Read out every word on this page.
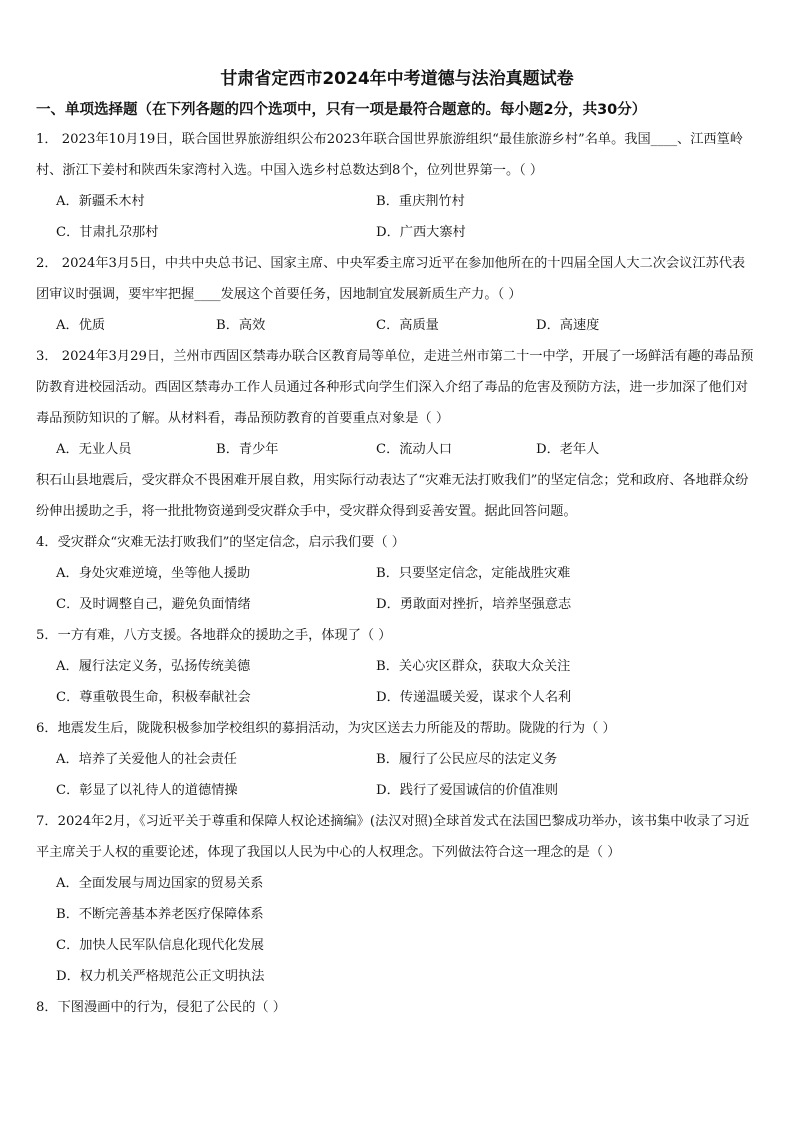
甘肃省定西市2024年中考道德与法治真题试卷

一、单项选择题（在下列各题的四个选项中，只有一项是最符合题意的。每小题2分，共30分）

1． 2023年10月19日，联合国世界旅游组织公布2023年联合国世界旅游组织“最佳旅游乡村”名单。我国____、江西篁岭村、浙江下姜村和陕西朱家湾村入选。中国入选乡村总数达到8个，位列世界第一。（ ）

A．新疆禾木村	B．重庆荆竹村
C．甘肃扎尕那村	D．广西大寨村

2． 2024年3月5日，中共中央总书记、国家主席、中央军委主席习近平在参加他所在的十四届全国人大二次会议江苏代表团审议时强调，要牢牢把握____发展这个首要任务，因地制宜发展新质生产力。（ ）

A．优质	B．高效	C．高质量	D．高速度

3． 2024年3月29日，兰州市西固区禁毒办联合区教育局等单位，走进兰州市第二十一中学，开展了一场鲜活有趣的毒品预防教育进校园活动。西固区禁毒办工作人员通过各种形式向学生们深入介绍了毒品的危害及预防方法，进一步加深了他们对毒品预防知识的了解。从材料看，毒品预防教育的首要重点对象是（ ）

A．无业人员	B．青少年	C．流动人口	D．老年人

积石山县地震后，受灾群众不畏困难开展自救，用实际行动表达了“灾难无法打败我们”的坚定信念；党和政府、各地群众纷纷伸出援助之手，将一批批物资递到受灾群众手中，受灾群众得到妥善安置。据此回答问题。

4．受灾群众“灾难无法打败我们”的坚定信念，启示我们要（ ）

A．身处灾难逆境，坐等他人援助	B．只要坚定信念，定能战胜灾难
C．及时调整自己，避免负面情绪	D．勇敢面对挫折，培养坚强意志

5．一方有难，八方支援。各地群众的援助之手，体现了（ ）

A．履行法定义务，弘扬传统美德	B．关心灾区群众，获取大众关注
C．尊重敬畏生命，积极奉献社会	D．传递温暖关爱，谋求个人名利

6．地震发生后，陇陇积极参加学校组织的募捐活动，为灾区送去力所能及的帮助。陇陇的行为（ ）

A．培养了关爱他人的社会责任	B．履行了公民应尽的法定义务
C．彰显了以礼待人的道德情操	D．践行了爱国诚信的价值准则

7．2024年2月，《习近平关于尊重和保障人权论述摘编》(法汉对照)全球首发式在法国巴黎成功举办，该书集中收录了习近平主席关于人权的重要论述，体现了我国以人民为中心的人权理念。下列做法符合这一理念的是（ ）

A．全面发展与周边国家的贸易关系
B．不断完善基本养老医疗保障体系
C．加快人民军队信息化现代化发展
D．权力机关严格规范公正文明执法

8．下图漫画中的行为，侵犯了公民的（ ）
